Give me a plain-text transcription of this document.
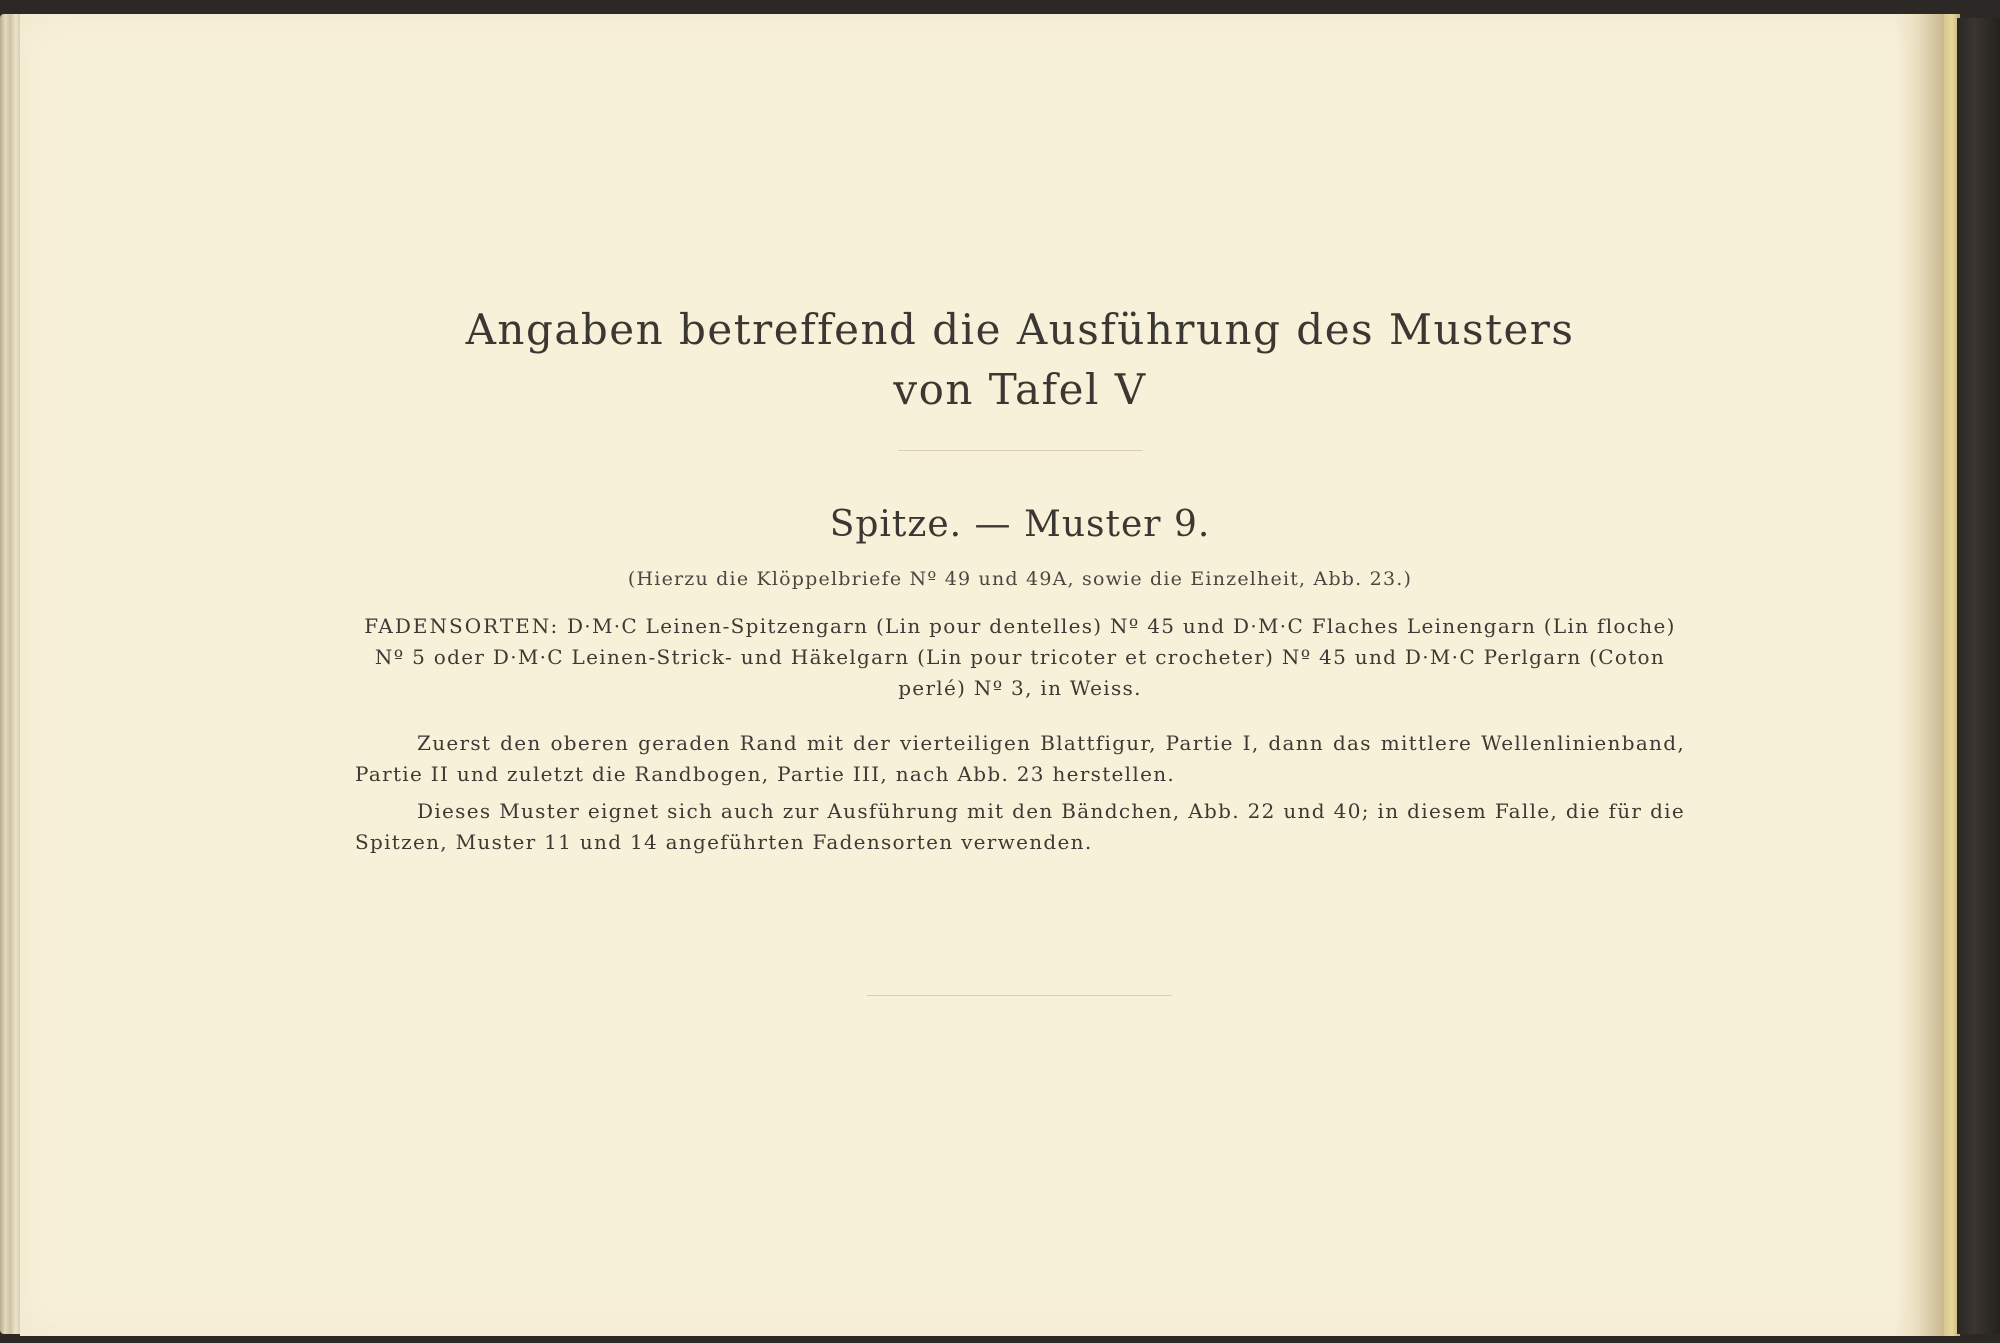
Angaben betreffend die Ausführung des Musters
von Tafel V
Spitze. — Muster 9.
(Hierzu die Klöppelbriefe Nº 49 und 49A, sowie die Einzelheit, Abb. 23.)
FADENSORTEN: D·M·C Leinen-Spitzengarn (Lin pour dentelles) Nº 45 und D·M·C Flaches Leinengarn (Lin floche) Nº 5 oder D·M·C Leinen-Strick- und Häkelgarn (Lin pour tricoter et crocheter) Nº 45 und D·M·C Perlgarn (Coton perlé) Nº 3, in Weiss.

Zuerst den oberen geraden Rand mit der vierteiligen Blattfigur, Partie I, dann das mittlere Wellenlinienband, Partie II und zuletzt die Randbogen, Partie III, nach Abb. 23 herstellen.

Dieses Muster eignet sich auch zur Ausführung mit den Bändchen, Abb. 22 und 40; in diesem Falle, die für die Spitzen, Muster 11 und 14 angeführten Fadensorten verwenden.
